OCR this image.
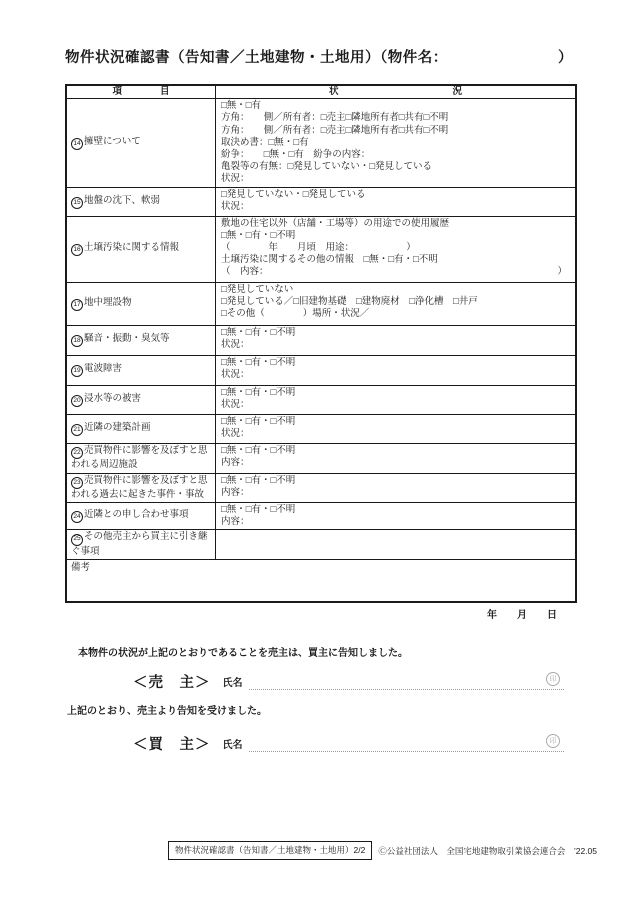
物件状況確認書（告知書／土地建物・土地用）（物件名：	）
項　　　　目	状　　　　　　　　　　　　況
14 擁壁について
□無・□有
方角：　　側／所有者：□売主□隣地所有者□共有□不明
方角：　　側／所有者：□売主□隣地所有者□共有□不明
取決め書：□無・□有
紛争：　　□無・□有　紛争の内容：
亀裂等の有無：□発見していない・□発見している
状況：
15 地盤の沈下、軟弱
□発見していない・□発見している
状況：
16 土壌汚染に関する情報
敷地の住宅以外（店舗・工場等）の用途での使用履歴
□無・□有・□不明
（　　　　年　　月頃　用途：　　　　　　）
土壌汚染に関するその他の情報　□無・□有・□不明
（　内容：	）
17 地中埋設物
□発見していない
□発見している／□旧建物基礎　□建物廃材　□浄化槽　□井戸
□その他（　　　　）場所・状況／
18 騒音・振動・臭気等
□無・□有・□不明
状況：
19 電波障害
□無・□有・□不明
状況：
20 浸水等の被害
□無・□有・□不明
状況：
21 近隣の建築計画
□無・□有・□不明
状況：
22 売買物件に影響を及ぼすと思われる周辺施設
□無・□有・□不明
内容：
23 売買物件に影響を及ぼすと思われる過去に起きた事件・事故
□無・□有・□不明
内容：
24 近隣との申し合わせ事項
□無・□有・□不明
内容：
25 その他売主から買主に引き継ぐ事項
備考
年　　月　　日
本物件の状況が上記のとおりであることを売主は、買主に告知しました。
＜売　主＞ 氏名	印
上記のとおり、売主より告知を受けました。
＜買　主＞ 氏名	印
物件状況確認書（告知書／土地建物・土地用）2/2	Ⓒ公益社団法人　全国宅地建物取引業協会連合会　’22.05
